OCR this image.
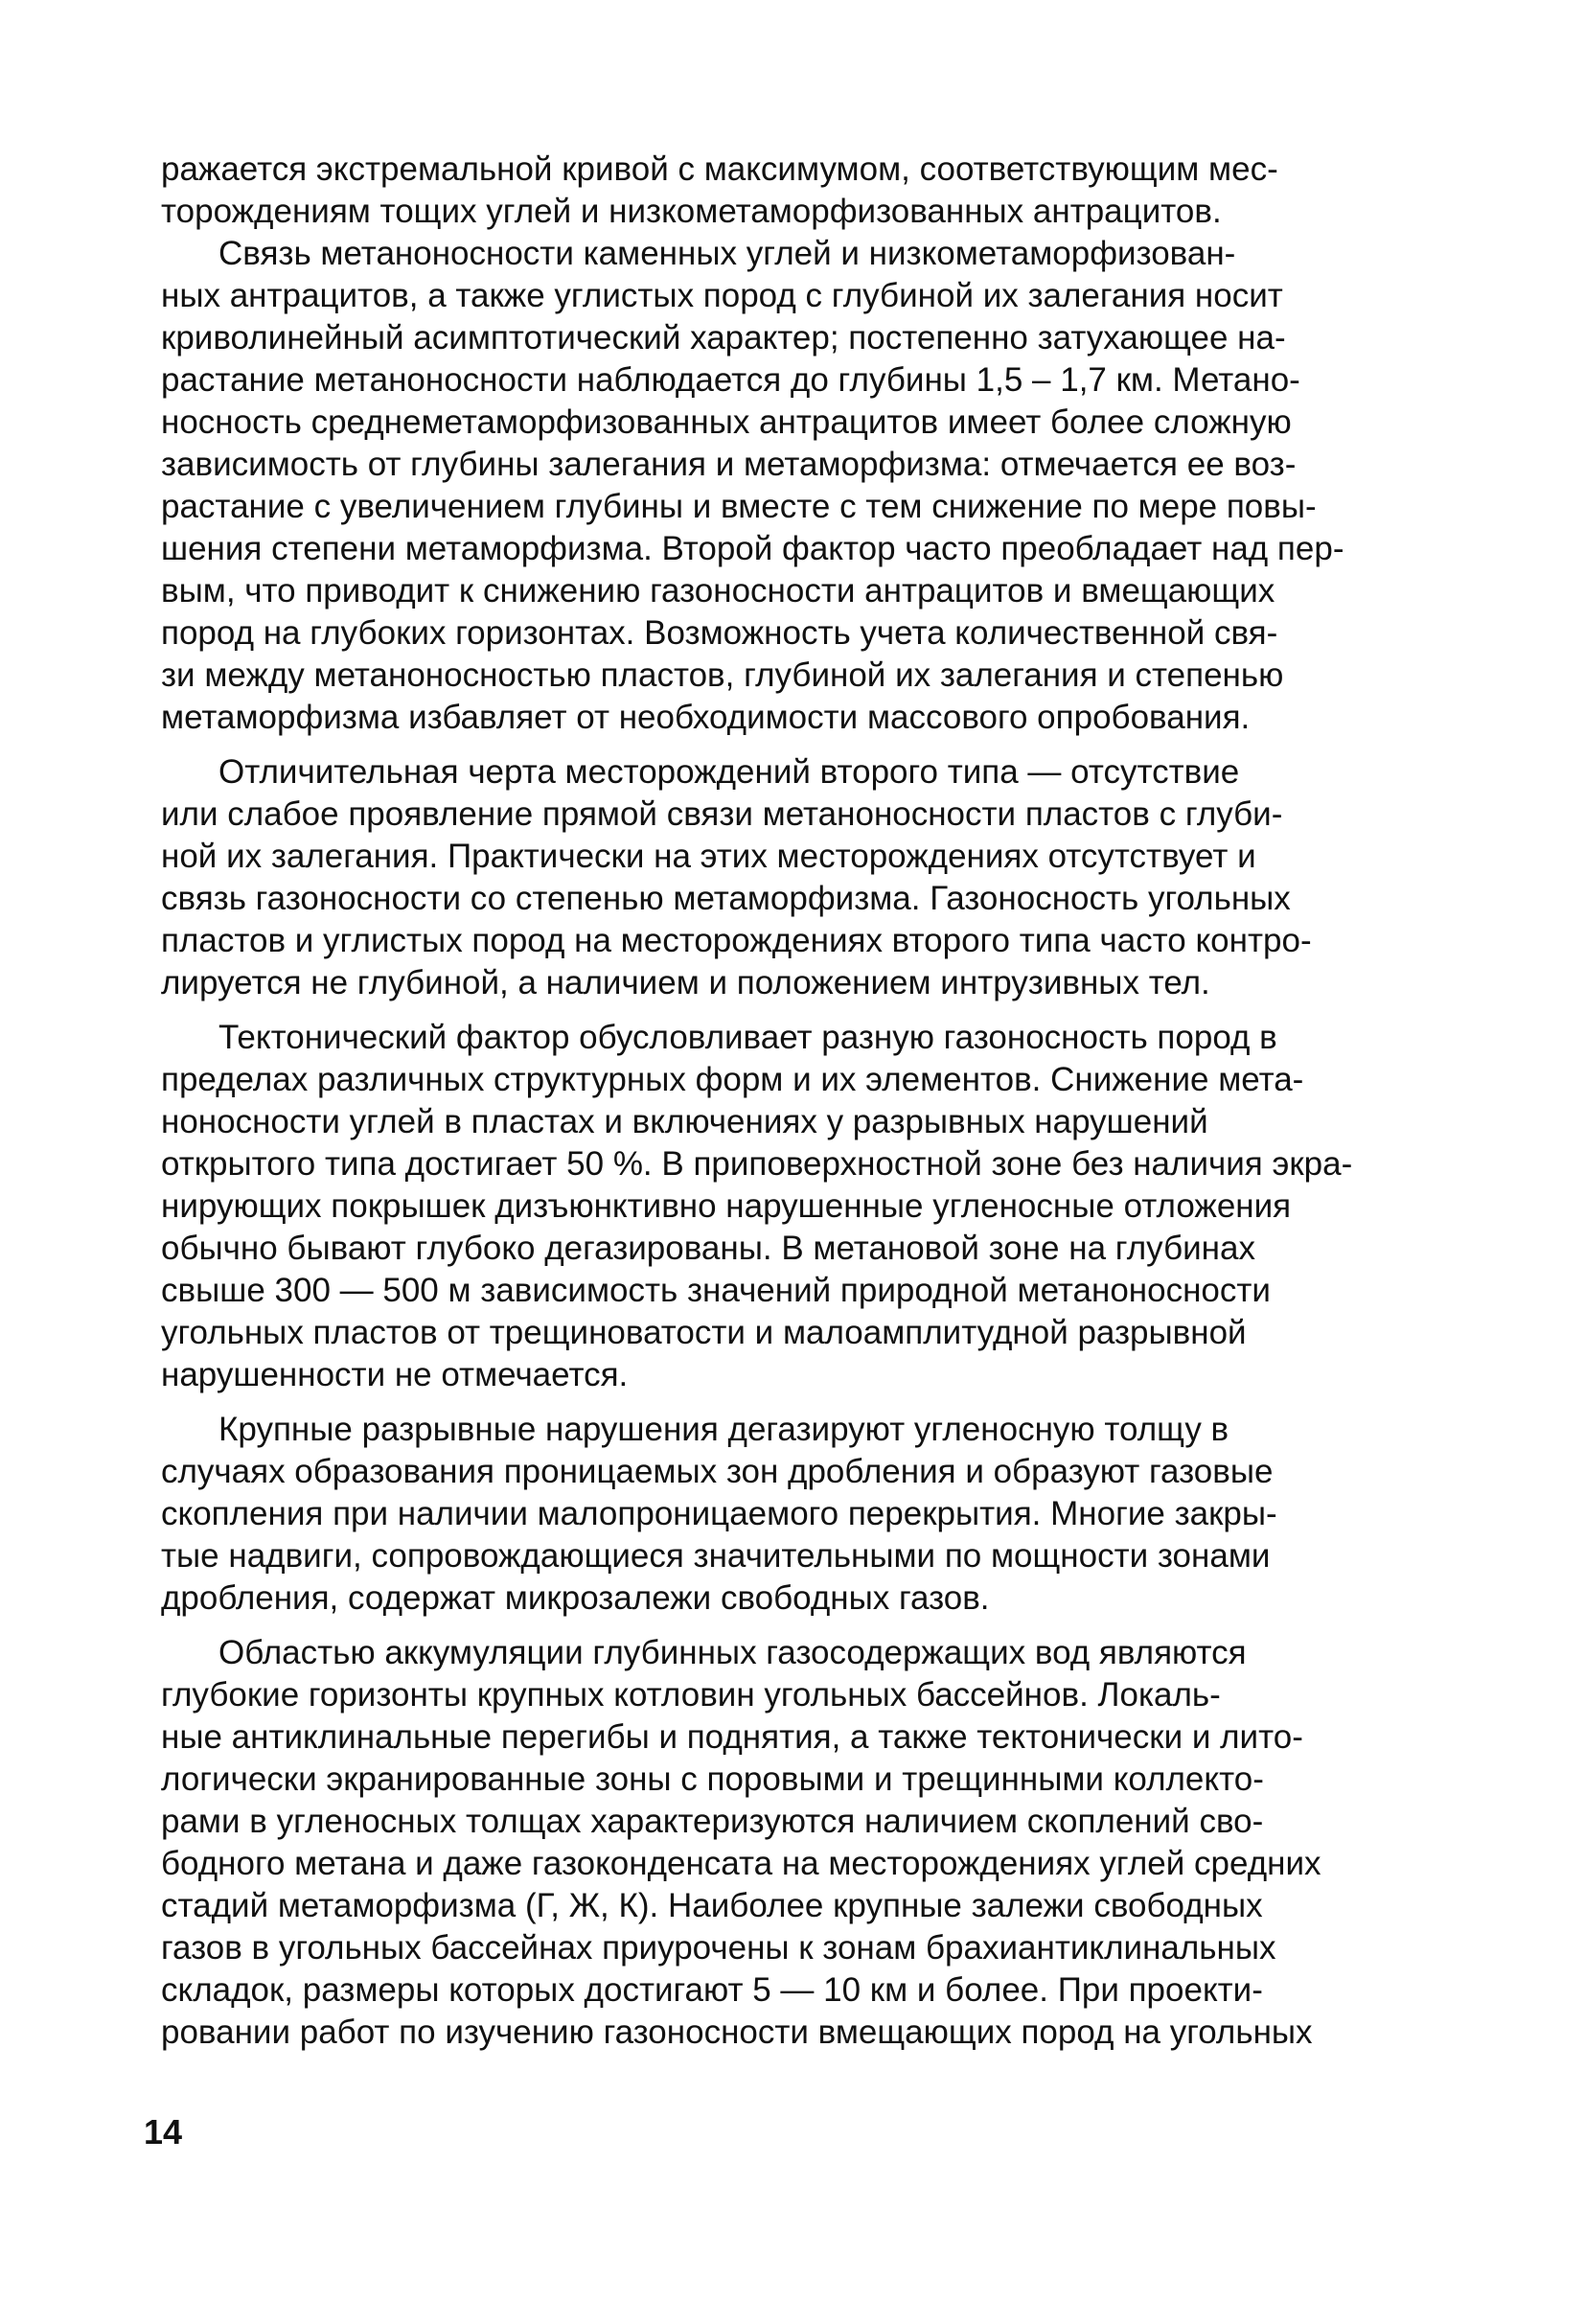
ражается экстремальной кривой с максимумом, соответствующим мес-
торождениям тощих углей и низкометаморфизованных антрацитов.
Связь метаноносности каменных углей и низкометаморфизован-
ных антрацитов, а также углистых пород с глубиной их залегания носит
криволинейный асимптотический характер; постепенно затухающее на-
растание метаноносности наблюдается до глубины 1,5 – 1,7 км. Метано-
носность среднеметаморфизованных антрацитов имеет более сложную
зависимость от глубины залегания и метаморфизма: отмечается ее воз-
растание с увеличением глубины и вместе с тем снижение по мере повы-
шения степени метаморфизма. Второй фактор часто преобладает над пер-
вым, что приводит к снижению газоносности антрацитов и вмещающих
пород на глубоких горизонтах. Возможность учета количественной свя-
зи между метаноносностью пластов, глубиной их залегания и степенью
метаморфизма избавляет от необходимости массового опробования.
Отличительная черта месторождений второго типа — отсутствие
или слабое проявление прямой связи метаноносности пластов с глуби-
ной их залегания. Практически на этих месторождениях отсутствует и
связь газоносности со степенью метаморфизма. Газоносность угольных
пластов и углистых пород на месторождениях второго типа часто контро-
лируется не глубиной, а наличием и положением интрузивных тел.
Тектонический фактор обусловливает разную газоносность пород в
пределах различных структурных форм и их элементов. Снижение мета-
ноносности углей в пластах и включениях у разрывных нарушений
открытого типа достигает 50 %. В приповерхностной зоне без наличия экра-
нирующих покрышек дизъюнктивно нарушенные угленосные отложения
обычно бывают глубоко дегазированы. В метановой зоне на глубинах
свыше 300 — 500 м зависимость значений природной метаноносности
угольных пластов от трещиноватости и малоамплитудной разрывной
нарушенности не отмечается.
Крупные разрывные нарушения дегазируют угленосную толщу в
случаях образования проницаемых зон дробления и образуют газовые
скопления при наличии малопроницаемого перекрытия. Многие закры-
тые надвиги, сопровождающиеся значительными по мощности зонами
дробления, содержат микрозалежи свободных газов.
Областью аккумуляции глубинных газосодержащих вод являются
глубокие горизонты крупных котловин угольных бассейнов. Локаль-
ные антиклинальные перегибы и поднятия, а также тектонически и лито-
логически экранированные зоны с поровыми и трещинными коллекто-
рами в угленосных толщах характеризуются наличием скоплений сво-
бодного метана и даже газоконденсата на месторождениях углей средних
стадий метаморфизма (Г, Ж, К). Наиболее крупные залежи свободных
газов в угольных бассейнах приурочены к зонам брахиантиклинальных
складок, размеры которых достигают 5 — 10 км и более. При проекти-
ровании работ по изучению газоносности вмещающих пород на угольных
14
